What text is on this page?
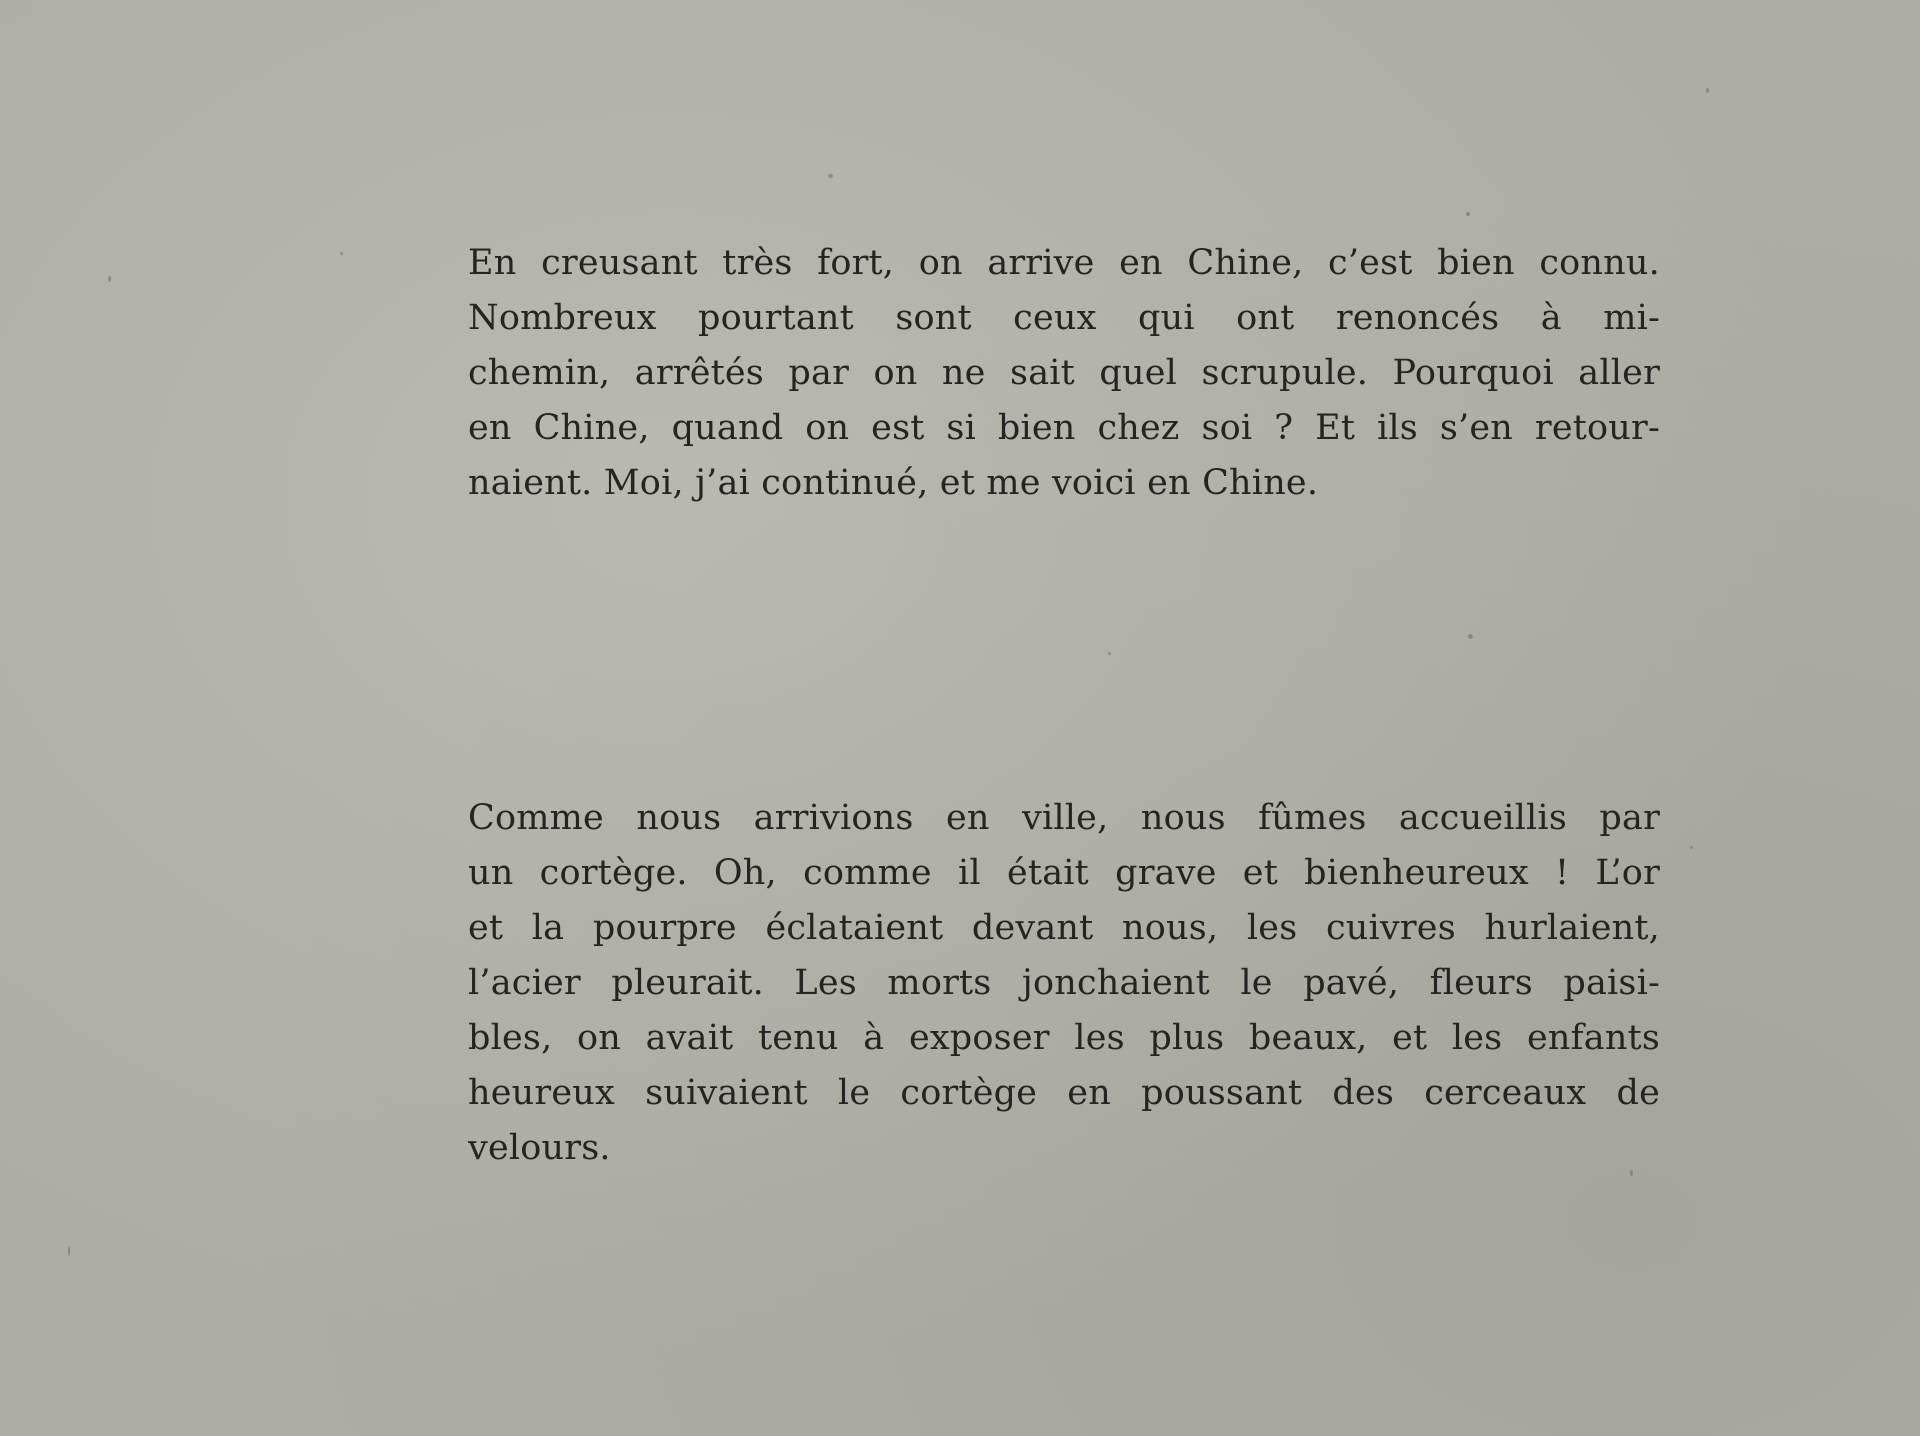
En creusant très fort, on arrive en Chine, c’est bien connu.
Nombreux pourtant sont ceux qui ont renoncés à mi-
chemin, arrêtés par on ne sait quel scrupule. Pourquoi aller
en Chine, quand on est si bien chez soi ? Et ils s’en retour-
naient. Moi, j’ai continué, et me voici en Chine.
Comme nous arrivions en ville, nous fûmes accueillis par
un cortège. Oh, comme il était grave et bienheureux ! L’or
et la pourpre éclataient devant nous, les cuivres hurlaient,
l’acier pleurait. Les morts jonchaient le pavé, fleurs paisi-
bles, on avait tenu à exposer les plus beaux, et les enfants
heureux suivaient le cortège en poussant des cerceaux de
velours.
